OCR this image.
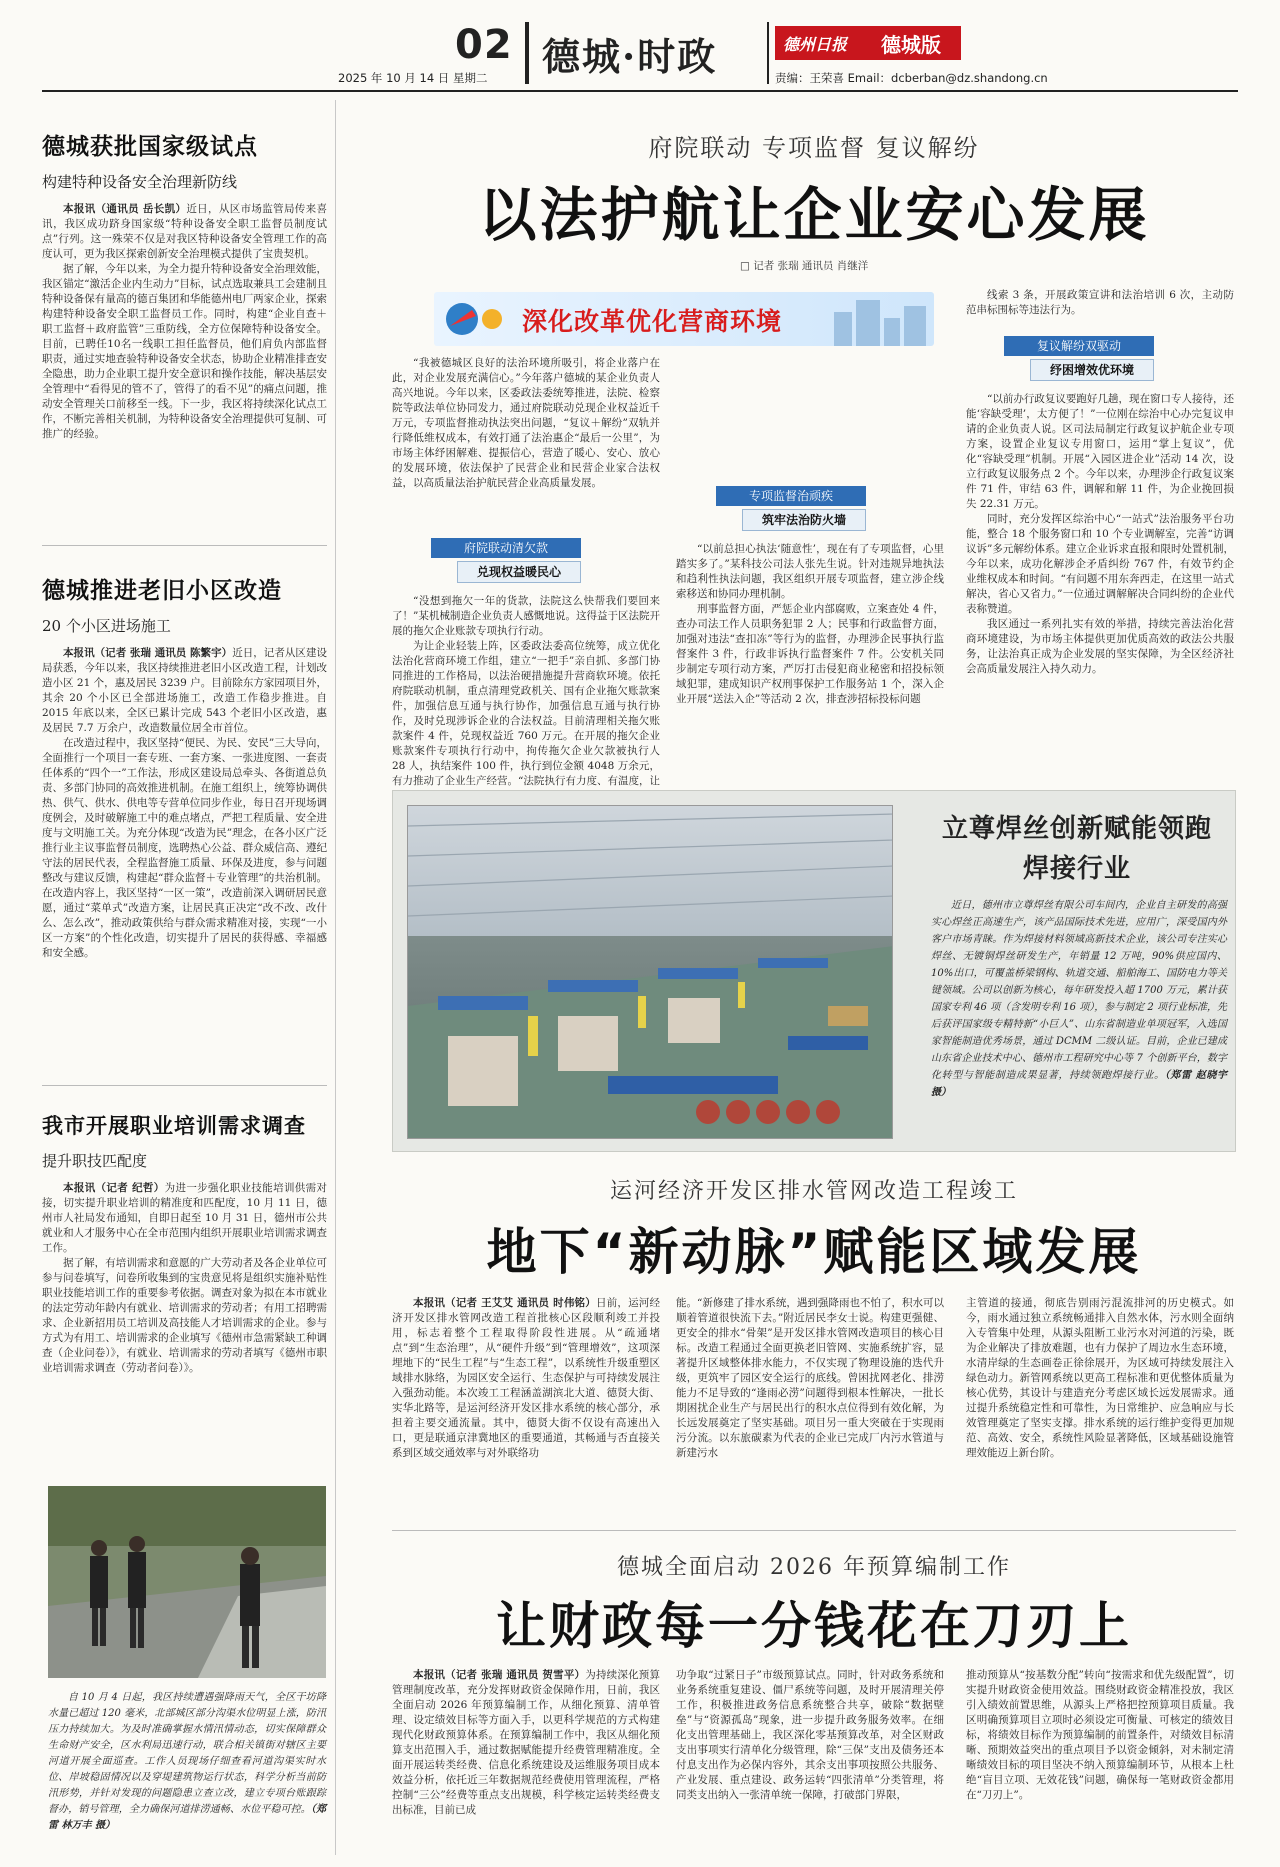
02
2025 年 10 月 14 日 星期二 德城·时政	德州日报	德城版
责编：王荣喜 Email：dcberban@dz.shandong.cn
德城获批国家级试点
构建特种设备安全治理新防线

本报讯（通讯员 岳长凯）近日，从区市场监管局传来喜讯，我区成功跻身国家级“特种设备安全职工监督员制度试点”行列。这一殊荣不仅是对我区特种设备安全管理工作的高度认可，更为我区探索创新安全治理模式提供了宝贵契机。

据了解，今年以来，为全力提升特种设备安全治理效能，我区锚定“激活企业内生动力”目标，试点选取兼具工会建制且特种设备保有量高的德百集团和华能德州电厂两家企业，探索构建特种设备安全职工监督员工作。同时，构建“企业自查＋职工监督＋政府监管”三重防线，全方位保障特种设备安全。目前，已聘任10名一线职工担任监督员，他们肩负内部监督职责，通过实地查验特种设备安全状态，协助企业精准排查安全隐患，助力企业职工提升安全意识和操作技能，解决基层安全管理中“看得见的管不了，管得了的看不见”的痛点问题，推动安全管理关口前移至一线。下一步，我区将持续深化试点工作，不断完善相关机制，为特种设备安全治理提供可复制、可推广的经验。

德城推进老旧小区改造
20 个小区进场施工

本报讯（记者 张瑞 通讯员 陈繁宇）近日，记者从区建设局获悉，今年以来，我区持续推进老旧小区改造工程，计划改造小区 21 个，惠及居民 3239 户。目前除东方家园项目外，其余 20 个小区已全部进场施工，改造工作稳步推进。自 2015 年底以来，全区已累计完成 543 个老旧小区改造，惠及居民 7.7 万余户，改造数量位居全市首位。

在改造过程中，我区坚持“便民、为民、安民”三大导向，全面推行一个项目一套专班、一套方案、一张进度图、一套责任体系的“四个一”工作法，形成区建设局总牵头、各街道总负责、多部门协同的高效推进机制。在施工组织上，统筹协调供热、供气、供水、供电等专营单位同步作业，每日召开现场调度例会，及时破解施工中的难点堵点，严把工程质量、安全进度与文明施工关。为充分体现“改造为民”理念，在各小区广泛推行业主议事监督员制度，选聘热心公益、群众威信高、遵纪守法的居民代表，全程监督施工质量、环保及进度，参与问题整改与建议反馈，构建起“群众监督＋专业管理”的共治机制。在改造内容上，我区坚持“一区一策”，改造前深入调研居民意愿，通过“菜单式”改造方案，让居民真正决定“改不改、改什么、怎么改”，推动政策供给与群众需求精准对接，实现“一小区一方案”的个性化改造，切实提升了居民的获得感、幸福感和安全感。

我市开展职业培训需求调查
提升职技匹配度

本报讯（记者 纪哲）为进一步强化职业技能培训供需对接，切实提升职业培训的精准度和匹配度，10 月 11 日，德州市人社局发布通知，自即日起至 10 月 31 日，德州市公共就业和人才服务中心在全市范围内组织开展职业培训需求调查工作。

据了解，有培训需求和意愿的广大劳动者及各企业单位可参与问卷填写，问卷所收集到的宝贵意见将是组织实施补贴性职业技能培训工作的重要参考依据。调查对象为拟在本市就业的法定劳动年龄内有就业、培训需求的劳动者；有用工招聘需求、企业新招用员工培训及高技能人才培训需求的企业。参与方式为有用工、培训需求的企业填写《德州市急需紧缺工种调查（企业问卷）》，有就业、培训需求的劳动者填写《德州市职业培训需求调查（劳动者问卷）》。

自 10 月 4 日起，我区持续遭遇强降雨天气，全区干坊降水量已超过 120 毫米，北部城区部分沟渠水位明显上涨，防汛压力持续加大。为及时准确掌握水情汛情动态，切实保障群众生命财产安全，区水利局迅速行动，联合相关镇街对辖区主要河道开展全面巡查。工作人员现场仔细查看河道沟渠实时水位、岸坡稳固情况以及穿堤建筑物运行状态，科学分析当前防汛形势，并针对发现的问题隐患立查立改，建立专项台账跟踪督办，销号管理，全力确保河道排涝通畅、水位平稳可控。（郑雷 林万丰 摄）

府院联动 专项监督 复议解纷
以法护航让企业安心发展
□ 记者 张瑞 通讯员 肖继洋
深化改革优化营商环境

“我被德城区良好的法治环境所吸引，将企业落户在此，对企业发展充满信心。”今年落户德城的某企业负责人高兴地说。今年以来，区委政法委统筹推进，法院、检察院等政法单位协同发力，通过府院联动兑现企业权益近千万元，专项监督推动执法突出问题，“复议＋解纷”双轨并行降低维权成本，有效打通了法治惠企“最后一公里”，为市场主体纾困解难、提振信心，营造了暖心、安心、放心的发展环境，依法保护了民营企业和民营企业家合法权益，以高质量法治护航民营企业高质量发展。

府院联动清欠款
兑现权益暖民心

“没想到拖欠一年的货款，法院这么快帮我们要回来了！”某机械制造企业负责人感慨地说。这得益于区法院开展的拖欠企业账款专项执行行动。

为让企业轻装上阵，区委政法委高位统筹，成立优化法治化营商环境工作组，建立“一把手”亲自抓、多部门协同推进的工作格局，以法治硬措施提升营商软环境。依托府院联动机制，重点清理党政机关、国有企业拖欠账款案件，加强信息互通与执行协作，加强信息互通与执行协作，及时兑现涉诉企业的合法权益。目前清理相关拖欠账款案件 4 件，兑现权益近 760 万元。在开展的拖欠企业账款案件专项执行行动中，拘传拖欠企业欠款被执行人 28 人，执结案件 100 件，执行到位金额 4048 万余元，有力推动了企业生产经营。“法院执行有力度、有温度，让

专项监督治顽疾
筑牢法治防火墙

“以前总担心执法‘随意性’，现在有了专项监督，心里踏实多了。”某科技公司法人张先生说。针对违规异地执法和趋利性执法问题，我区组织开展专项监督，建立涉企线索移送和协同办理机制。

刑事监督方面，严惩企业内部腐败，立案查处 4 件，查办司法工作人员职务犯罪 2 人；民事和行政监督方面，加强对违法“查扣冻”等行为的监督，办理涉企民事执行监督案件 3 件，行政非诉执行监督案件 7 件。公安机关同步制定专项行动方案，严厉打击侵犯商业秘密和招投标领域犯罪，建成知识产权刑事保护工作服务站 1 个，深入企业开展“送法入企”等活动 2 次，排查涉招标投标问题

线索 3 条，开展政策宣讲和法治培训 6 次，主动防范串标围标等违法行为。

复议解纷双驱动
纾困增效优环境

“以前办行政复议要跑好几趟，现在窗口专人接待，还能‘容缺受理’，太方便了！”一位刚在综治中心办完复议申请的企业负责人说。区司法局制定行政复议护航企业专项方案，设置企业复议专用窗口，运用“掌上复议”，优化“容缺受理”机制。开展“入园区进企业”活动 14 次，设立行政复议服务点 2 个。今年以来，办理涉企行政复议案件 71 件，审结 63 件，调解和解 11 件，为企业挽回损失 22.31 万元。

同时，充分发挥区综治中心“一站式”法治服务平台功能，整合 18 个服务窗口和 10 个专业调解室，完善“访调议诉”多元解纷体系。建立企业诉求直报和限时处置机制，今年以来，成功化解涉企矛盾纠纷 767 件，有效节约企业维权成本和时间。“有问题不用东奔西走，在这里一站式解决，省心又省力。”一位通过调解解决合同纠纷的企业代表称赞道。

我区通过一系列扎实有效的举措，持续完善法治化营商环境建设，为市场主体提供更加优质高效的政法公共服务，让法治真正成为企业发展的坚实保障，为全区经济社会高质量发展注入持久动力。

立尊焊丝创新赋能领跑焊接行业

近日，德州市立尊焊丝有限公司车间内，企业自主研发的高强实心焊丝正高速生产，该产品国际技术先进，应用广，深受国内外客户市场青睐。作为焊接材料领域高新技术企业，该公司专注实心焊丝、无镀铜焊丝研发生产，年销量 12 万吨，90%供应国内、10%出口，可覆盖桥梁钢构、轨道交通、船舶海工、国防电力等关键领域。公司以创新为核心，每年研发投入超 1700 万元，累计获国家专利 46 项（含发明专利 16 项），参与制定 2 项行业标准，先后获评国家级专精特新“小巨人”、山东省制造业单项冠军，入选国家智能制造优秀场景，通过 DCMM 二级认证。目前，企业已建成山东省企业技术中心、德州市工程研究中心等 7 个创新平台，数字化转型与智能制造成果显著，持续领跑焊接行业。（郑雷 赵晓宇 摄）

运河经济开发区排水管网改造工程竣工
地下“新动脉”赋能区域发展

本报讯（记者 王艾艾 通讯员 时伟铭）日前，运河经济开发区排水管网改造工程首批核心区段顺利竣工并投用，标志着整个工程取得阶段性进展。从“疏通堵点”到“生态治理”，从“硬件升级”到“管理增效”，这项深埋地下的“民生工程”与“生态工程”，以系统性升级重塑区域排水脉络，为园区安全运行、生态保护与可持续发展注入强劲动能。本次竣工工程涵盖湖滨北大道、德贤大街、实华北路等，是运河经济开发区排水系统的核心部分，承担着主要交通流量。其中，德贤大街不仅设有高速出入口，更是联通京津冀地区的重要通道，其畅通与否直接关系到区域交通效率与对外联络功

能。“新修建了排水系统，遇到强降雨也不怕了，积水可以顺着管道很快流下去。”附近居民李女士说。构建更强健、更安全的排水“骨架”是开发区排水管网改造项目的核心目标。改造工程通过全面更换老旧管网、实施系统扩容，显著提升区域整体排水能力，不仅实现了物理设施的迭代升级，更筑牢了园区安全运行的底线。曾困扰网老化、排涝能力不足导致的“逢雨必涝”问题得到根本性解决，一批长期困扰企业生产与居民出行的积水点位得到有效化解，为长远发展奠定了坚实基础。项目另一重大突破在于实现雨污分流。以东旅碳素为代表的企业已完成厂内污水管道与新建污水

主管道的接通，彻底告别雨污混流排河的历史模式。如今，雨水通过独立系统畅通排入自然水体，污水则全面纳入专管集中处理，从源头阻断工业污水对河道的污染，既为企业解决了排放难题，也有力保护了周边水生态环境，水清岸绿的生态画卷正徐徐展开，为区域可持续发展注入绿色动力。新管网系统以更高工程标准和更优整体质量为核心优势，其设计与建造充分考虑区域长远发展需求。通过提升系统稳定性和可靠性，为日常维护、应急响应与长效管理奠定了坚实支撑。排水系统的运行维护变得更加规范、高效、安全，系统性风险显著降低，区域基础设施管理效能迈上新台阶。

德城全面启动 2026 年预算编制工作
让财政每一分钱花在刀刃上

本报讯（记者 张瑞 通讯员 贺雪平）为持续深化预算管理制度改革，充分发挥财政资金保障作用，日前，我区全面启动 2026 年预算编制工作，从细化预算、清单管理、设定绩效目标等方面入手，以更科学规范的方式构建现代化财政预算体系。在预算编制工作中，我区从细化预算支出范围入手，通过数据赋能提升经费管理精准度。全面开展运转类经费、信息化系统建设及运维服务项目成本效益分析，依托近三年数据规范经费使用管理流程，严格控制“三公”经费等重点支出规模，科学核定运转类经费支出标准，目前已成

功争取“过紧日子”市级预算试点。同时，针对政务系统和业务系统重复建设、僵尸系统等问题，及时开展清理关停工作，积极推进政务信息系统整合共享，破除“数据壁垒”与“资源孤岛”现象，进一步提升政务服务效率。在细化支出管理基础上，我区深化零基预算改革，对全区财政支出事项实行清单化分级管理，除“三保”支出及债务还本付息支出作为必保内容外，其余支出事项按照公共服务、产业发展、重点建设、政务运转“四张清单”分类管理，将同类支出纳入一张清单统一保障，打破部门界限，

推动预算从“按基数分配”转向“按需求和优先级配置”，切实提升财政资金使用效益。围绕财政资金精准投放，我区引入绩效前置思维，从源头上严格把控预算项目质量。我区明确预算项目立项时必须设定可衡量、可核定的绩效目标，将绩效目标作为预算编制的前置条件，对绩效目标清晰、预期效益突出的重点项目予以资金倾斜，对未制定清晰绩效目标的项目坚决不纳入预算编制环节，从根本上杜绝“盲目立项、无效花钱”问题，确保每一笔财政资金都用在“刀刃上”。
